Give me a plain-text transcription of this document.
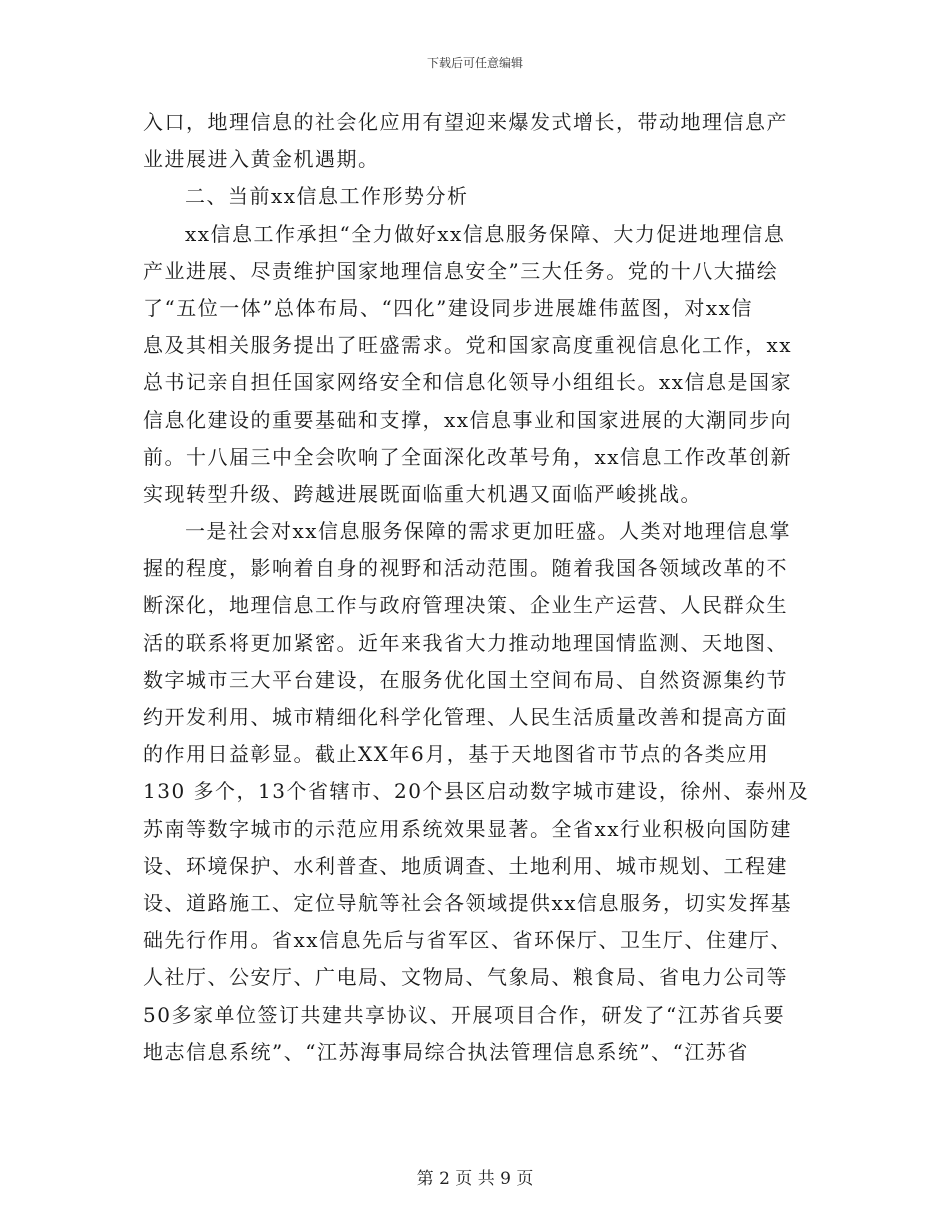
下载后可任意编辑
入口，地理信息的社会化应用有望迎来爆发式增长，带动地理信息产
业进展进入黄金机遇期。
二、当前xx信息工作形势分析
xx信息工作承担“全力做好xx信息服务保障、大力促进地理信息
产业进展、尽责维护国家地理信息安全”三大任务。党的十八大描绘
了“五位一体”总体布局、“四化”建设同步进展雄伟蓝图，对xx信
息及其相关服务提出了旺盛需求。党和国家高度重视信息化工作，xx
总书记亲自担任国家网络安全和信息化领导小组组长。xx信息是国家
信息化建设的重要基础和支撑，xx信息事业和国家进展的大潮同步向
前。十八届三中全会吹响了全面深化改革号角，xx信息工作改革创新
实现转型升级、跨越进展既面临重大机遇又面临严峻挑战。
一是社会对xx信息服务保障的需求更加旺盛。人类对地理信息掌
握的程度，影响着自身的视野和活动范围。随着我国各领域改革的不
断深化，地理信息工作与政府管理决策、企业生产运营、人民群众生
活的联系将更加紧密。近年来我省大力推动地理国情监测、天地图、
数字城市三大平台建设，在服务优化国土空间布局、自然资源集约节
约开发利用、城市精细化科学化管理、人民生活质量改善和提高方面
的作用日益彰显。截止XX年6月，基于天地图省市节点的各类应用
130 多个，13个省辖市、20个县区启动数字城市建设，徐州、泰州及
苏南等数字城市的示范应用系统效果显著。全省xx行业积极向国防建
设、环境保护、水利普查、地质调查、土地利用、城市规划、工程建
设、道路施工、定位导航等社会各领域提供xx信息服务，切实发挥基
础先行作用。省xx信息先后与省军区、省环保厅、卫生厅、住建厅、
人社厅、公安厅、广电局、文物局、气象局、粮食局、省电力公司等
50多家单位签订共建共享协议、开展项目合作，研发了“江苏省兵要
地志信息系统”、“江苏海事局综合执法管理信息系统”、“江苏省
第 2 页 共 9 页
